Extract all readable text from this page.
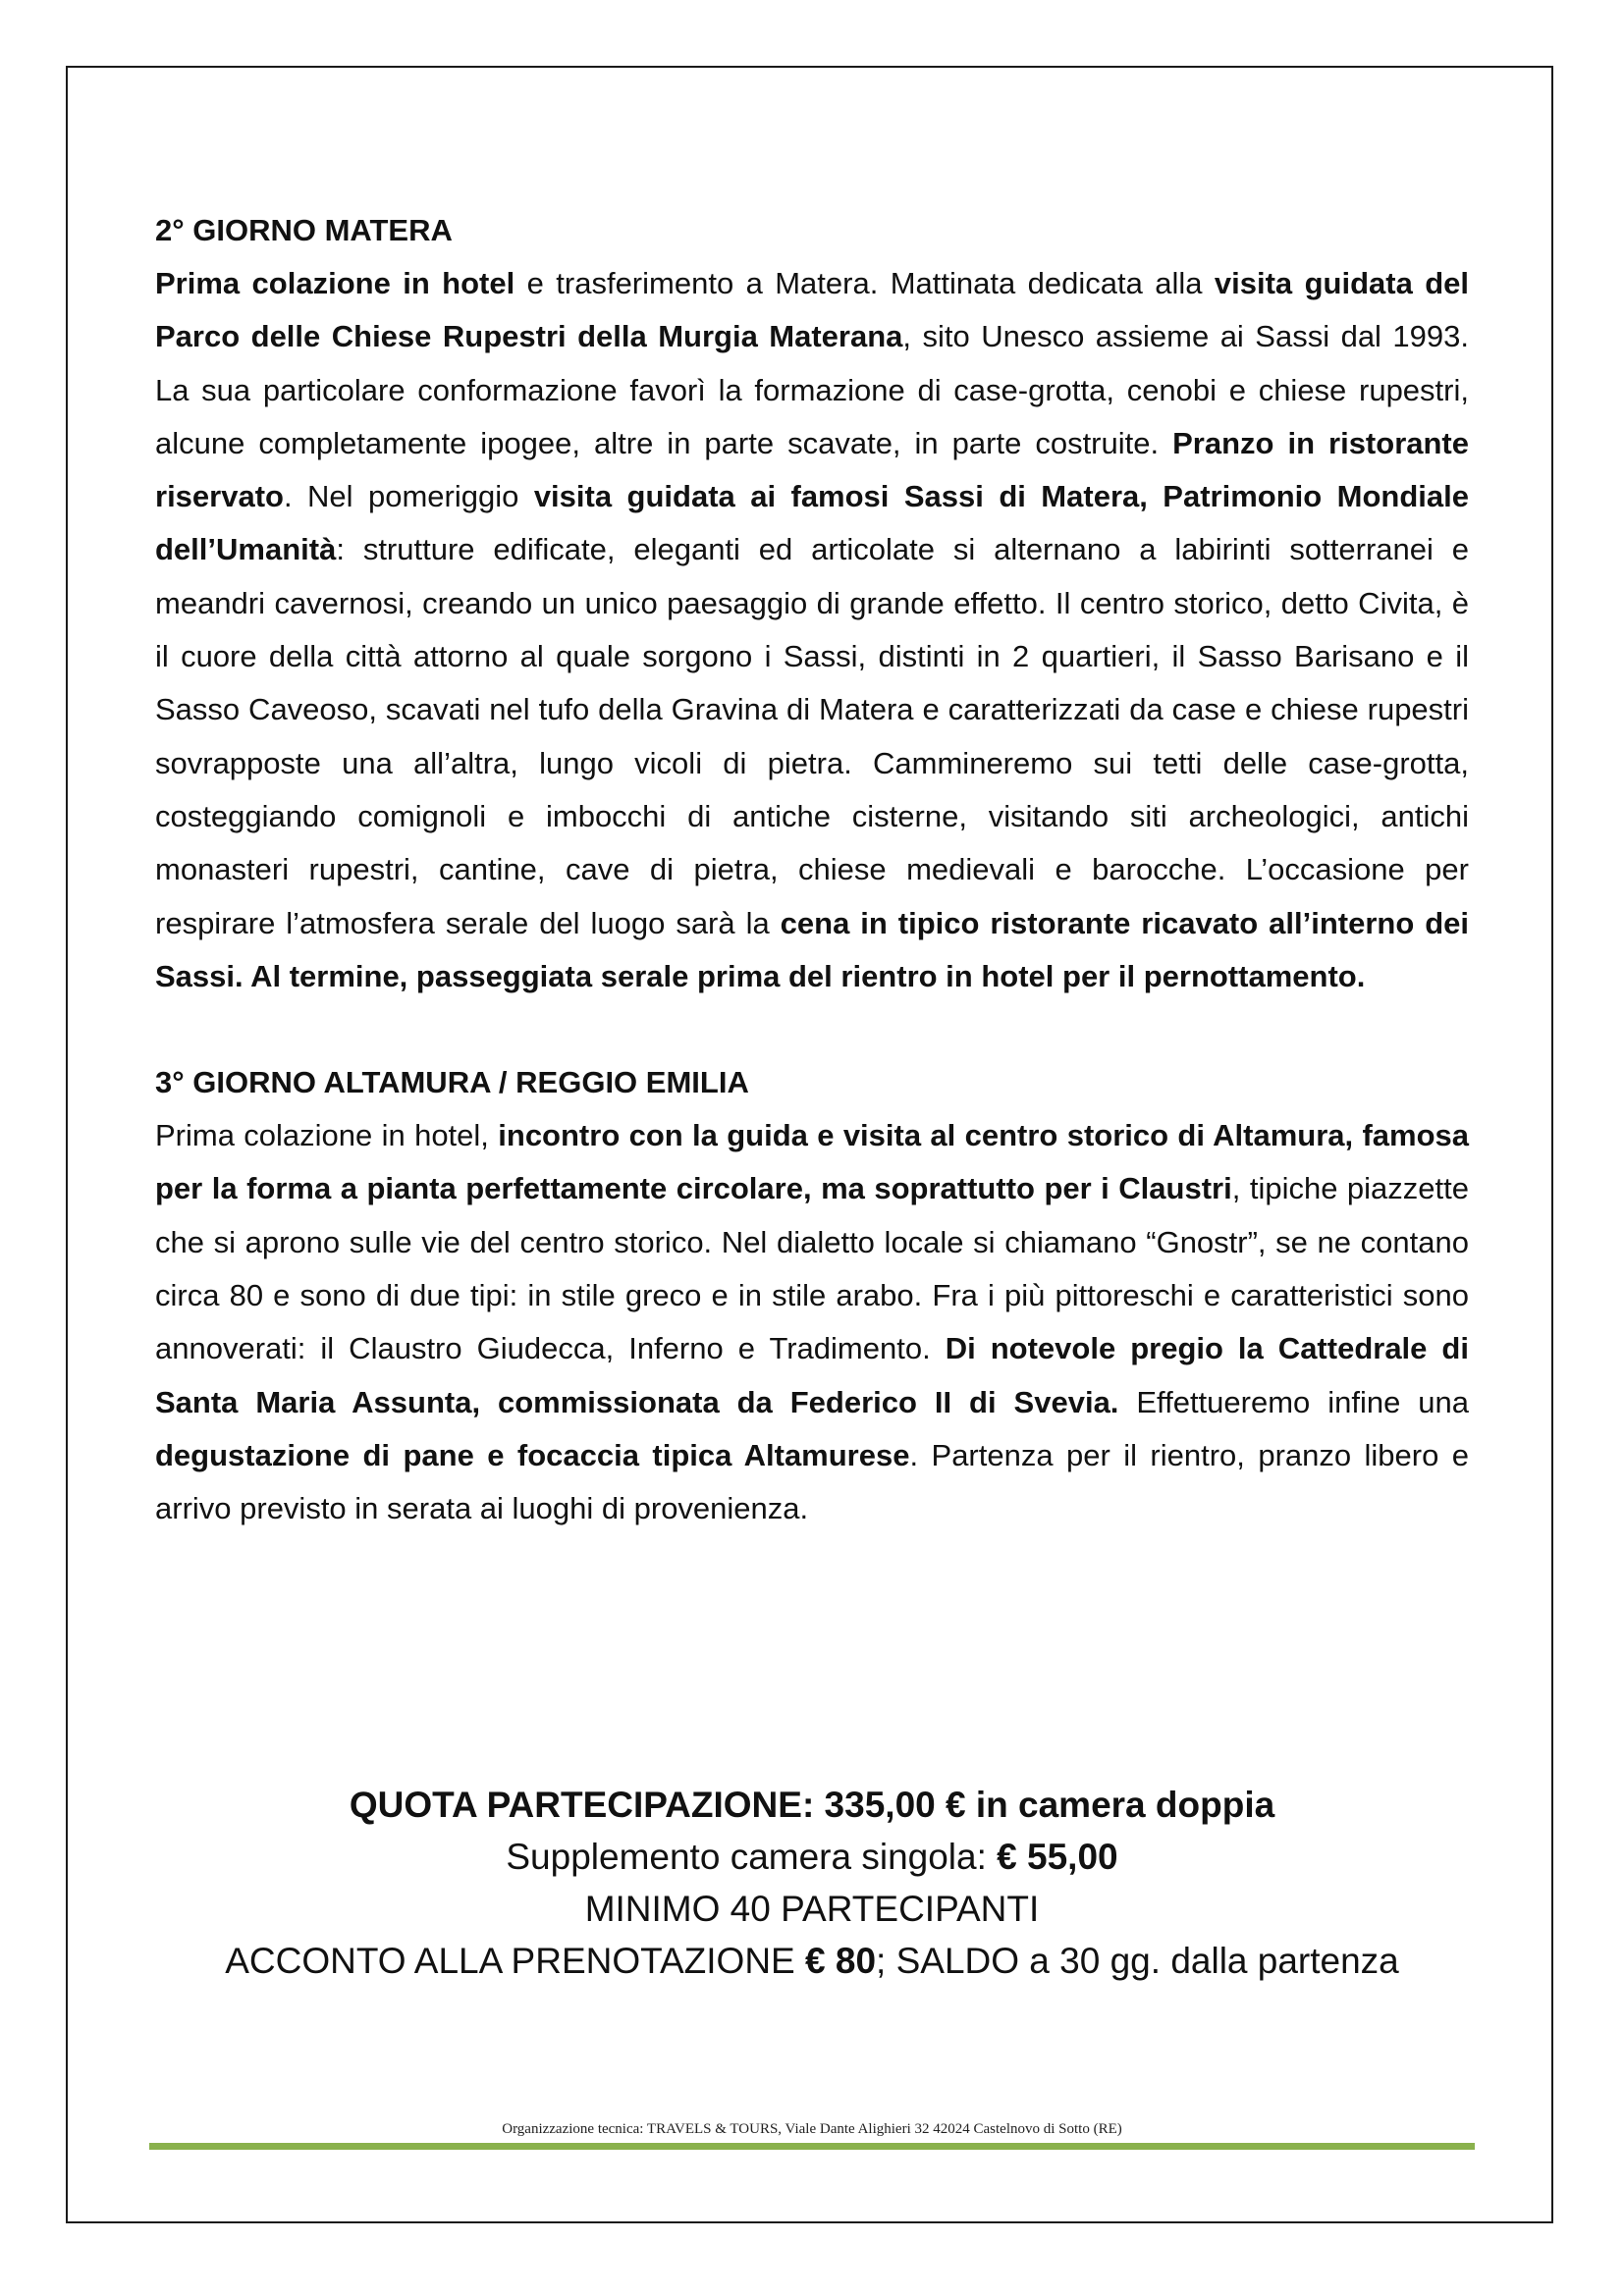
2° GIORNO MATERA

Prima colazione in hotel e trasferimento a Matera. Mattinata dedicata alla visita guidata del Parco delle Chiese Rupestri della Murgia Materana, sito Unesco assieme ai Sassi dal 1993. La sua particolare conformazione favorì la formazione di case-grotta, cenobi e chiese rupestri, alcune completamente ipogee, altre in parte scavate, in parte costruite. Pranzo in ristorante riservato. Nel pomeriggio visita guidata ai famosi Sassi di Matera, Patrimonio Mondiale dell’Umanità: strutture edificate, eleganti ed articolate si alternano a labirinti sotterranei e meandri cavernosi, creando un unico paesaggio di grande effetto. Il centro storico, detto Civita, è il cuore della città attorno al quale sorgono i Sassi, distinti in 2 quartieri, il Sasso Barisano e il Sasso Caveoso, scavati nel tufo della Gravina di Matera e caratterizzati da case e chiese rupestri sovrapposte una all’altra, lungo vicoli di pietra. Cammineremo sui tetti delle case-grotta, costeggiando comignoli e imbocchi di antiche cisterne, visitando siti archeologici, antichi monasteri rupestri, cantine, cave di pietra, chiese medievali e barocche. L’occasione per respirare l’atmosfera serale del luogo sarà la cena in tipico ristorante ricavato all’interno dei Sassi. Al termine, passeggiata serale prima del rientro in hotel per il pernottamento.

3° GIORNO ALTAMURA / REGGIO EMILIA

Prima colazione in hotel, incontro con la guida e visita al centro storico di Altamura, famosa per la forma a pianta perfettamente circolare, ma soprattutto per i Claustri, tipiche piazzette che si aprono sulle vie del centro storico. Nel dialetto locale si chiamano “Gnostr”, se ne contano circa 80 e sono di due tipi: in stile greco e in stile arabo. Fra i più pittoreschi e caratteristici sono annoverati: il Claustro Giudecca, Inferno e Tradimento. Di notevole pregio la Cattedrale di Santa Maria Assunta, commissionata da Federico II di Svevia. Effettueremo infine una degustazione di pane e focaccia tipica Altamurese. Partenza per il rientro, pranzo libero e arrivo previsto in serata ai luoghi di provenienza.

QUOTA PARTECIPAZIONE: 335,00 € in camera doppia

Supplemento camera singola: € 55,00

MINIMO 40 PARTECIPANTI

ACCONTO ALLA PRENOTAZIONE € 80; SALDO a 30 gg. dalla partenza

Organizzazione tecnica: TRAVELS & TOURS, Viale Dante Alighieri 32 42024 Castelnovo di Sotto (RE)
